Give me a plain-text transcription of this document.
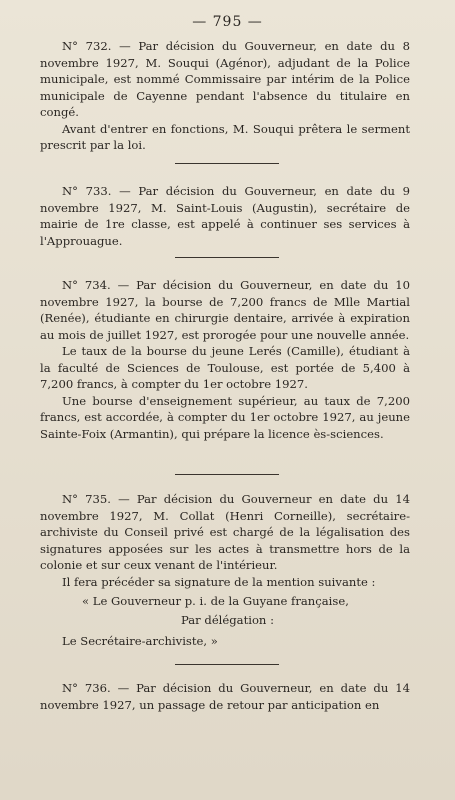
— 795 —

N° 732. — Par décision du Gouverneur, en date du 8 novembre 1927, M. Souqui (Agénor), adjudant de la Police municipale, est nommé Commissaire par intérim de la Police municipale de Cayenne pendant l'absence du titulaire en congé.

Avant d'entrer en fonctions, M. Souqui prêtera le serment prescrit par la loi.

N° 733. — Par décision du Gouverneur, en date du 9 novembre 1927, M. Saint-Louis (Augustin), secrétaire de mairie de 1re classe, est appelé à continuer ses services à l'Approuague.

N° 734. — Par décision du Gouverneur, en date du 10 novembre 1927, la bourse de 7,200 francs de Mlle Martial (Renée), étudiante en chirurgie dentaire, arrivée à expiration au mois de juillet 1927, est prorogée pour une nouvelle année.

Le taux de la bourse du jeune Lerés (Camille), étudiant à la faculté de Sciences de Toulouse, est portée de 5,400 à 7,200 francs, à compter du 1er octobre 1927.

Une bourse d'enseignement supérieur, au taux de 7,200 francs, est accordée, à compter du 1er octobre 1927, au jeune Sainte-Foix (Armantin), qui prépare la licence ès-sciences.

N° 735. — Par décision du Gouverneur en date du 14 novembre 1927, M. Collat (Henri Corneille), secrétaire-archiviste du Conseil privé est chargé de la légalisation des signatures apposées sur les actes à transmettre hors de la colonie et sur ceux venant de l'intérieur.

Il fera précéder sa signature de la mention suivante :

« Le Gouverneur p. i. de la Guyane française,
Par délégation :
Le Secrétaire-archiviste, »

N° 736. — Par décision du Gouverneur, en date du 14 novembre 1927, un passage de retour par anticipation en
